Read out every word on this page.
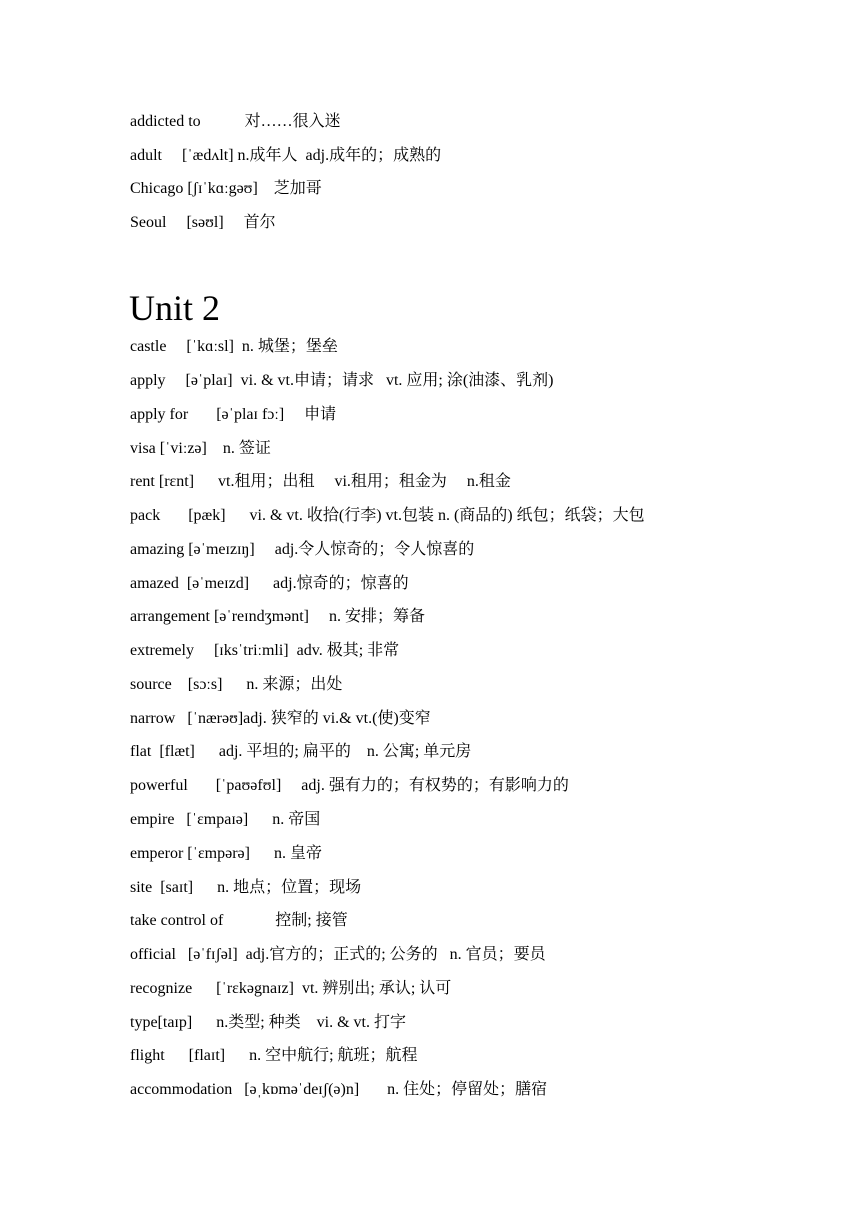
addicted to           对……很入迷
adult     [ˈædʌlt] n.成年人  adj.成年的；成熟的
Chicago [ʃɪˈkɑːgəʊ]    芝加哥
Seoul     [səʊl]     首尔
Unit 2
castle     [ˈkɑːsl]  n. 城堡；堡垒
apply     [əˈplaɪ]  vi. & vt.申请；请求   vt. 应用; 涂(油漆、乳剂)
apply for       [əˈplaɪ fɔː]     申请
visa [ˈviːzə]    n. 签证
rent [rɛnt]      vt.租用；出租     vi.租用；租金为     n.租金
pack       [pæk]      vi. & vt. 收拾(行李) vt.包装 n. (商品的) 纸包；纸袋；大包
amazing [əˈmeɪzɪŋ]     adj.令人惊奇的；令人惊喜的
amazed  [əˈmeɪzd]      adj.惊奇的；惊喜的
arrangement [əˈreɪndʒmənt]     n. 安排；筹备
extremely     [ɪksˈtriːmli]  adv. 极其; 非常
source    [sɔːs]      n. 来源；出处
narrow   [ˈnærəʊ]adj. 狭窄的 vi.& vt.(使)变窄
flat  [flæt]      adj. 平坦的; 扁平的    n. 公寓; 单元房
powerful       [ˈpaʊəfʊl]     adj. 强有力的；有权势的；有影响力的
empire   [ˈɛmpaɪə]      n. 帝国
emperor [ˈɛmpərə]      n. 皇帝
site  [saɪt]      n. 地点；位置；现场
take control of             控制; 接管
official   [əˈfɪʃəl]  adj.官方的；正式的; 公务的   n. 官员；要员
recognize      [ˈrɛkəgnaɪz]  vt. 辨别出; 承认; 认可
type[taɪp]      n.类型; 种类    vi. & vt. 打字
flight      [flaɪt]      n. 空中航行; 航班；航程
accommodation   [əˌkɒməˈdeɪʃ(ə)n]       n. 住处；停留处；膳宿
